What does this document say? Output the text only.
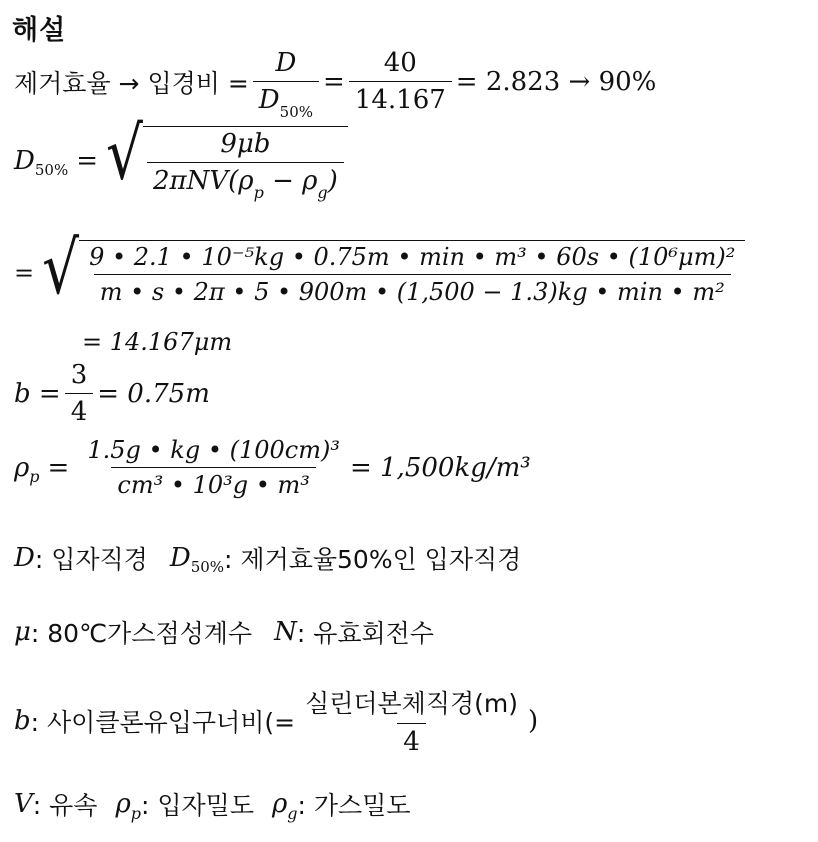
해설
제거효율 → 입경비 = $\frac{D}{D_{50\%}} = \frac{40}{14.167} = 2.823 \to 90\%$
D 50% = √ $\frac{9\mu b}{2\pi NV(\rho_p - \rho_g)}$
= √ $\frac{\text{9 • 2.1 • 10⁻⁵kg • 0.75m • min • m³ • 60s • (10⁶μm)²}}{\text{m • s • 2π • 5 • 900m • (1,500 − 1.3)kg • min • m²}}$
= 14.167μm
$b = \frac{3}{4} = 0.75m$
ρ $p = \frac{\text{1.5g • kg • (100cm)³}}{\text{cm³ • 10³g • m³}} = 1,500kg/m^3$
D : 입자직경 D 50% : 제거효율50%인 입자직경
μ : 80℃가스점성계수 N : 유효회전수
b : 사이클론유입구너비(= $\frac{\text{실린더본체직경(m)}}{4}$ )
V : 유속 ρ p : 입자밀도 ρ g : 가스밀도
